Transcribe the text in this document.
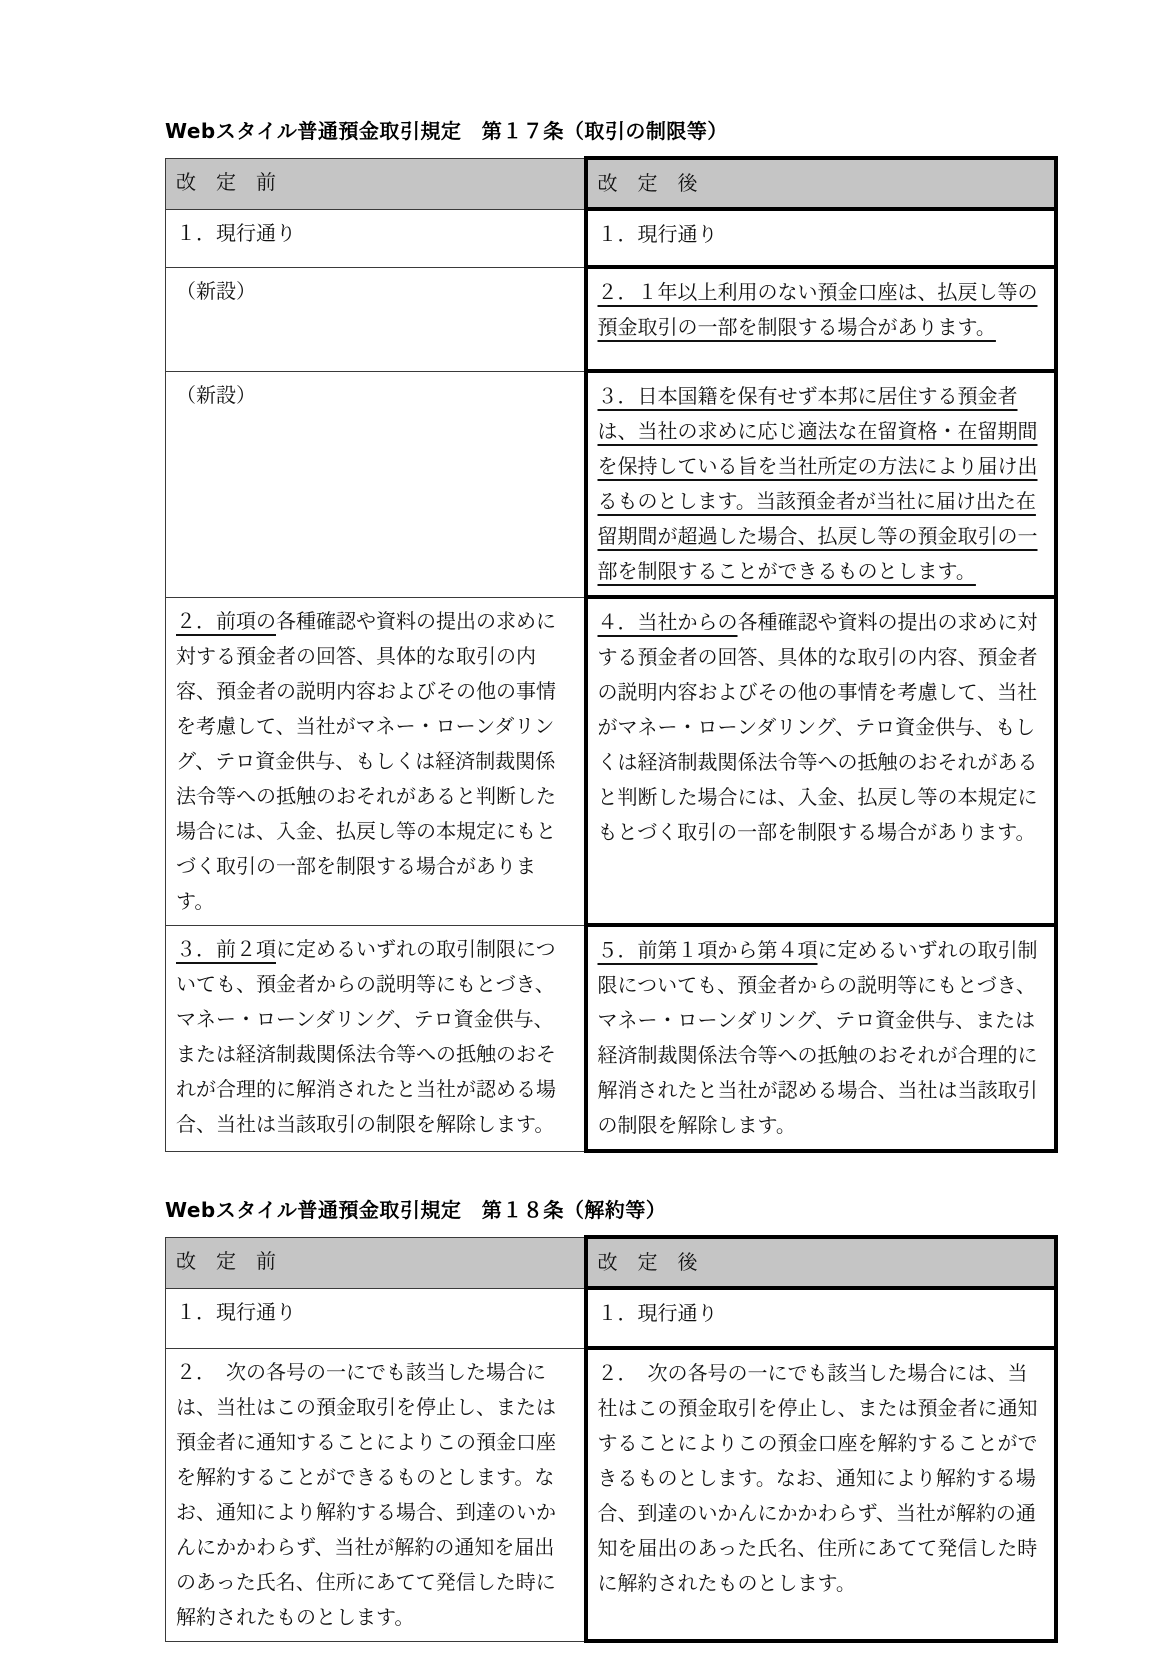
Webスタイル普通預金取引規定　第１７条（取引の制限等）
改　定　前	改　定　後
１．現行通り	１．現行通り
（新設）	２．１年以上利用のない預金口座は、払戻し等の預金取引の一部を制限する場合があります。
（新設）	３．日本国籍を保有せず本邦に居住する預金者は、当社の求めに応じ適法な在留資格・在留期間を保持している旨を当社所定の方法により届け出るものとします。当該預金者が当社に届け出た在留期間が超過した場合、払戻し等の預金取引の一部を制限することができるものとします。
２．前項の各種確認や資料の提出の求めに対する預金者の回答、具体的な取引の内容、預金者の説明内容およびその他の事情を考慮して、当社がマネー・ローンダリング、テロ資金供与、もしくは経済制裁関係法令等への抵触のおそれがあると判断した場合には、入金、払戻し等の本規定にもとづく取引の一部を制限する場合があります。	４．当社からの各種確認や資料の提出の求めに対する預金者の回答、具体的な取引の内容、預金者の説明内容およびその他の事情を考慮して、当社がマネー・ローンダリング、テロ資金供与、もしくは経済制裁関係法令等への抵触のおそれがあると判断した場合には、入金、払戻し等の本規定にもとづく取引の一部を制限する場合があります。
３．前２項に定めるいずれの取引制限についても、預金者からの説明等にもとづき、マネー・ローンダリング、テロ資金供与、または経済制裁関係法令等への抵触のおそれが合理的に解消されたと当社が認める場合、当社は当該取引の制限を解除します。	５．前第１項から第４項に定めるいずれの取引制限についても、預金者からの説明等にもとづき、マネー・ローンダリング、テロ資金供与、または経済制裁関係法令等への抵触のおそれが合理的に解消されたと当社が認める場合、当社は当該取引の制限を解除します。
Webスタイル普通預金取引規定　第１８条（解約等）
改　定　前	改　定　後
１．現行通り	１．現行通り
２．　次の各号の一にでも該当した場合には、当社はこの預金取引を停止し、または預金者に通知することによりこの預金口座を解約することができるものとします。なお、通知により解約する場合、到達のいかんにかかわらず、当社が解約の通知を届出のあった氏名、住所にあてて発信した時に解約されたものとします。	２．　次の各号の一にでも該当した場合には、当社はこの預金取引を停止し、または預金者に通知することによりこの預金口座を解約することができるものとします。なお、通知により解約する場合、到達のいかんにかかわらず、当社が解約の通知を届出のあった氏名、住所にあてて発信した時に解約されたものとします。
